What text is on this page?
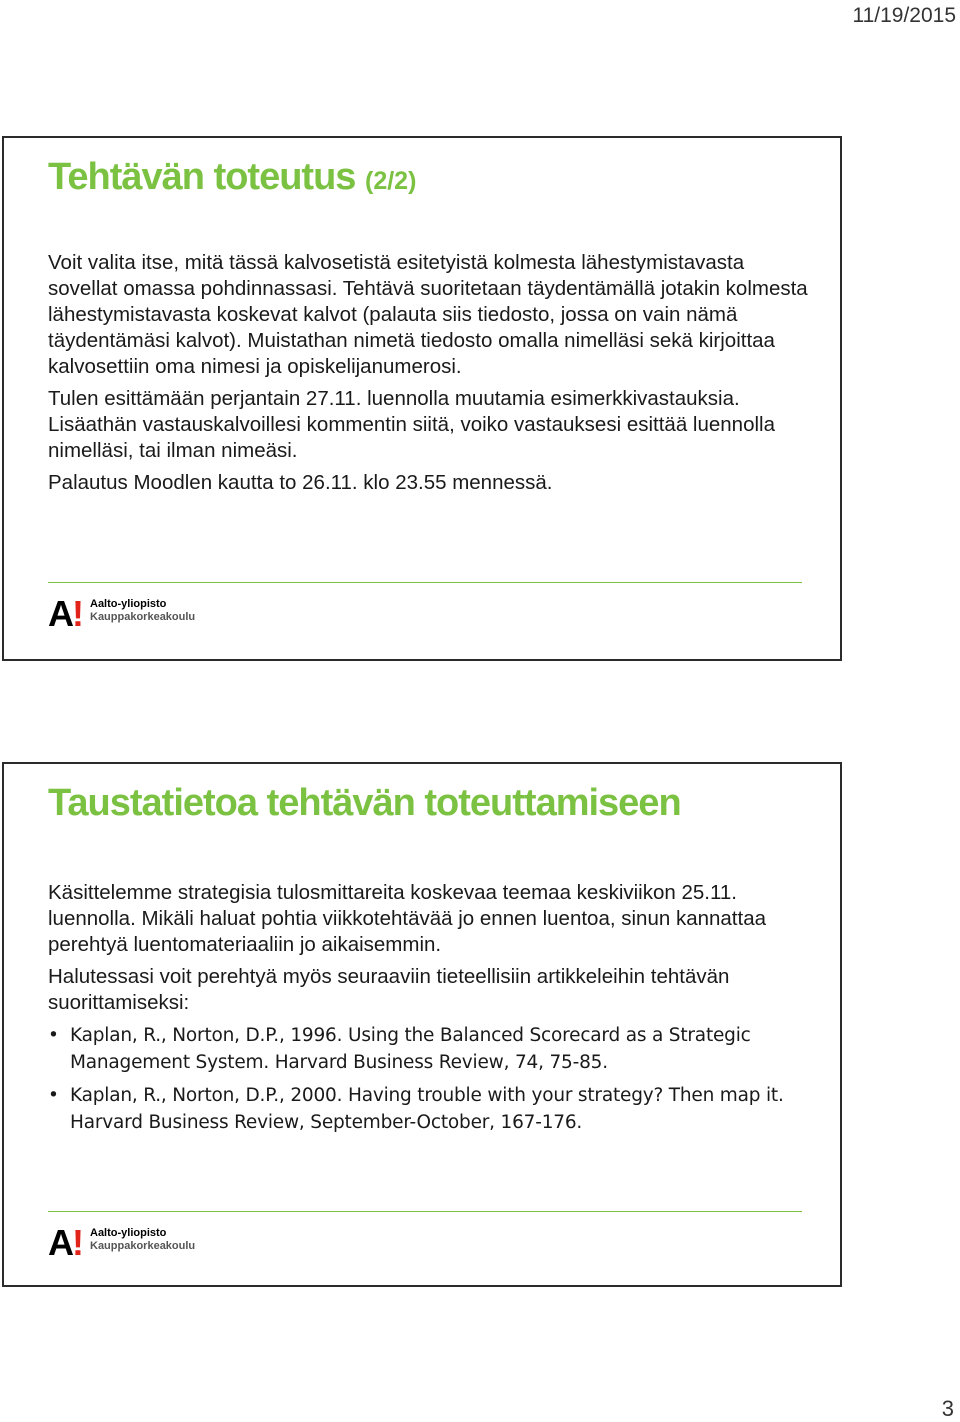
11/19/2015
Tehtävän toteutus (2/2)

Voit valita itse, mitä tässä kalvosetistä esitetyistä kolmesta lähestymistavasta sovellat omassa pohdinnassasi. Tehtävä suoritetaan täydentämällä jotakin kolmesta lähestymistavasta koskevat kalvot (palauta siis tiedosto, jossa on vain nämä täydentämäsi kalvot). Muistathan nimetä tiedosto omalla nimelläsi sekä kirjoittaa kalvosettiin oma nimesi ja opiskelijanumerosi.

Tulen esittämään perjantain 27.11. luennolla muutamia esimerkkivastauksia. Lisäathän vastauskalvoillesi kommentin siitä, voiko vastauksesi esittää luennolla nimelläsi, tai ilman nimeäsi.

Palautus Moodlen kautta to 26.11. klo 23.55 mennessä.

A! Aalto-yliopisto
Kauppakorkeakoulu
Taustatietoa tehtävän toteuttamiseen

Käsittelemme strategisia tulosmittareita koskevaa teemaa keskiviikon 25.11. luennolla. Mikäli haluat pohtia viikkotehtävää jo ennen luentoa, sinun kannattaa perehtyä luentomateriaaliin jo aikaisemmin.

Halutessasi voit perehtyä myös seuraaviin tieteellisiin artikkeleihin tehtävän suorittamiseksi:

• Kaplan, R., Norton, D.P., 1996. Using the Balanced Scorecard as a Strategic Management System. Harvard Business Review, 74, 75-85.
• Kaplan, R., Norton, D.P., 2000. Having trouble with your strategy? Then map it. Harvard Business Review, September-October, 167-176.
A! Aalto-yliopisto
Kauppakorkeakoulu
3
